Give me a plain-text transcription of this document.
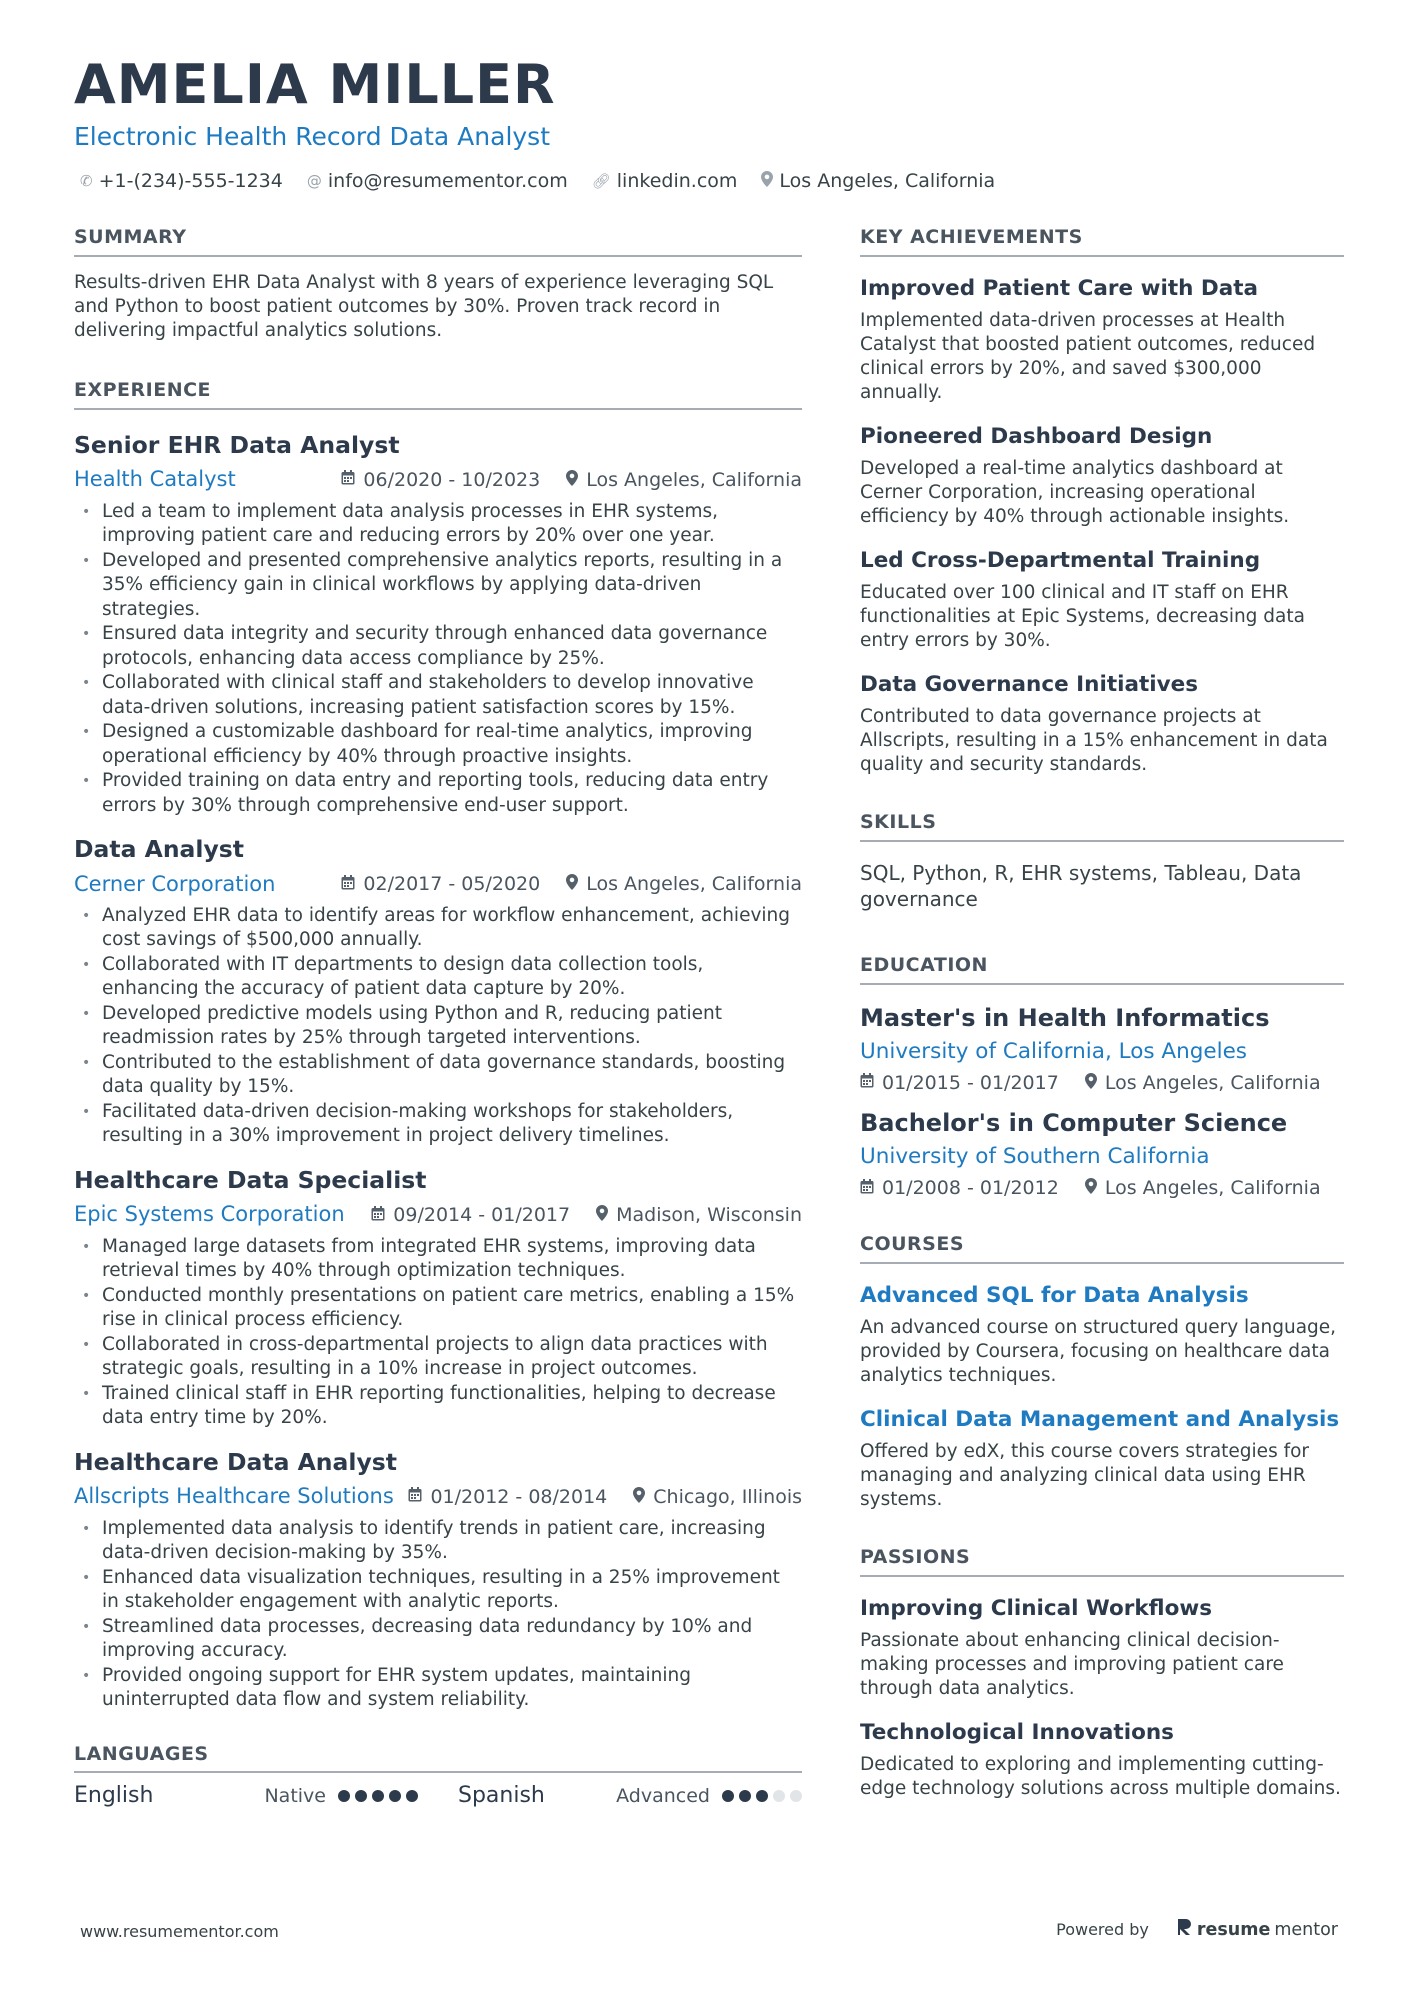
AMELIA MILLER
Electronic Health Record Data Analyst
✆ +1-(234)-555-1234 @ info@resumementor.com 🔗︎ linkedin.com Los Angeles, California
SUMMARY

Results-driven EHR Data Analyst with 8 years of experience leveraging SQL and Python to boost patient outcomes by 30%. Proven track record in delivering impactful analytics solutions.

EXPERIENCE
Senior EHR Data Analyst
Health Catalyst	06/2020 - 10/2023 Los Angeles, California
• Led a team to implement data analysis processes in EHR systems, improving patient care and reducing errors by 20% over one year.
• Developed and presented comprehensive analytics reports, resulting in a 35% efficiency gain in clinical workflows by applying data-driven strategies.
• Ensured data integrity and security through enhanced data governance protocols, enhancing data access compliance by 25%.
• Collaborated with clinical staff and stakeholders to develop innovative data-driven solutions, increasing patient satisfaction scores by 15%.
• Designed a customizable dashboard for real-time analytics, improving operational efficiency by 40% through proactive insights.
• Provided training on data entry and reporting tools, reducing data entry errors by 30% through comprehensive end-user support.
Data Analyst
Cerner Corporation	02/2017 - 05/2020 Los Angeles, California
• Analyzed EHR data to identify areas for workflow enhancement, achieving cost savings of $500,000 annually.
• Collaborated with IT departments to design data collection tools, enhancing the accuracy of patient data capture by 20%.
• Developed predictive models using Python and R, reducing patient readmission rates by 25% through targeted interventions.
• Contributed to the establishment of data governance standards, boosting data quality by 15%.
• Facilitated data-driven decision-making workshops for stakeholders, resulting in a 30% improvement in project delivery timelines.
Healthcare Data Specialist
Epic Systems Corporation	09/2014 - 01/2017 Madison, Wisconsin
• Managed large datasets from integrated EHR systems, improving data retrieval times by 40% through optimization techniques.
• Conducted monthly presentations on patient care metrics, enabling a 15% rise in clinical process efficiency.
• Collaborated in cross-departmental projects to align data practices with strategic goals, resulting in a 10% increase in project outcomes.
• Trained clinical staff in EHR reporting functionalities, helping to decrease data entry time by 20%.
Healthcare Data Analyst
Allscripts Healthcare Solutions 01/2012 - 08/2014 Chicago, Illinois
• Implemented data analysis to identify trends in patient care, increasing data-driven decision-making by 35%.
• Enhanced data visualization techniques, resulting in a 25% improvement in stakeholder engagement with analytic reports.
• Streamlined data processes, decreasing data redundancy by 10% and improving accuracy.
• Provided ongoing support for EHR system updates, maintaining uninterrupted data flow and system reliability.
LANGUAGES
English	Native	Spanish	Advanced
KEY ACHIEVEMENTS
Improved Patient Care with Data

Implemented data-driven processes at Health Catalyst that boosted patient outcomes, reduced clinical errors by 20%, and saved $300,000 annually.

Pioneered Dashboard Design

Developed a real-time analytics dashboard at Cerner Corporation, increasing operational efficiency by 40% through actionable insights.

Led Cross-Departmental Training

Educated over 100 clinical and IT staff on EHR functionalities at Epic Systems, decreasing data entry errors by 30%.

Data Governance Initiatives

Contributed to data governance projects at Allscripts, resulting in a 15% enhancement in data quality and security standards.

SKILLS

SQL, Python, R, EHR systems, Tableau, Data governance

EDUCATION
Master's in Health Informatics
University of California, Los Angeles
01/2015 - 01/2017 Los Angeles, California
Bachelor's in Computer Science
University of Southern California
01/2008 - 01/2012 Los Angeles, California
COURSES
Advanced SQL for Data Analysis

An advanced course on structured query language, provided by Coursera, focusing on healthcare data analytics techniques.

Clinical Data Management and Analysis

Offered by edX, this course covers strategies for managing and analyzing clinical data using EHR systems.

PASSIONS
Improving Clinical Workflows

Passionate about enhancing clinical decision-making processes and improving patient care through data analytics.

Technological Innovations

Dedicated to exploring and implementing cutting-edge technology solutions across multiple domains.

www.resumementor.com	Powered by	resume mentor
